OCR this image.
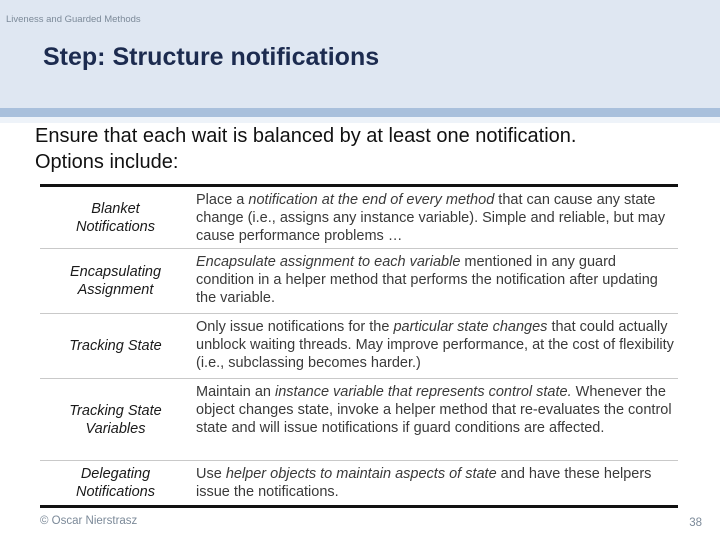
Liveness and Guarded Methods
Step: Structure notifications
Ensure that each wait is balanced by at least one notification.
Options include:
Blanket
Notifications
Place a notification at the end of every method that can cause any state change (i.e., assigns any instance variable). Simple and reliable, but may cause performance problems …
Encapsulating
Assignment
Encapsulate assignment to each variable mentioned in any guard condition in a helper method that performs the notification after updating the variable.
Tracking State
Only issue notifications for the particular state changes that could actually unblock waiting threads. May improve performance, at the cost of flexibility (i.e., subclassing becomes harder.)
Tracking State
Variables
Maintain an instance variable that represents control state. Whenever the object changes state, invoke a helper method that re-evaluates the control state and will issue notifications if guard conditions are affected.
Delegating
Notifications
Use helper objects to maintain aspects of state and have these helpers issue the notifications.
© Oscar Nierstrasz	38
